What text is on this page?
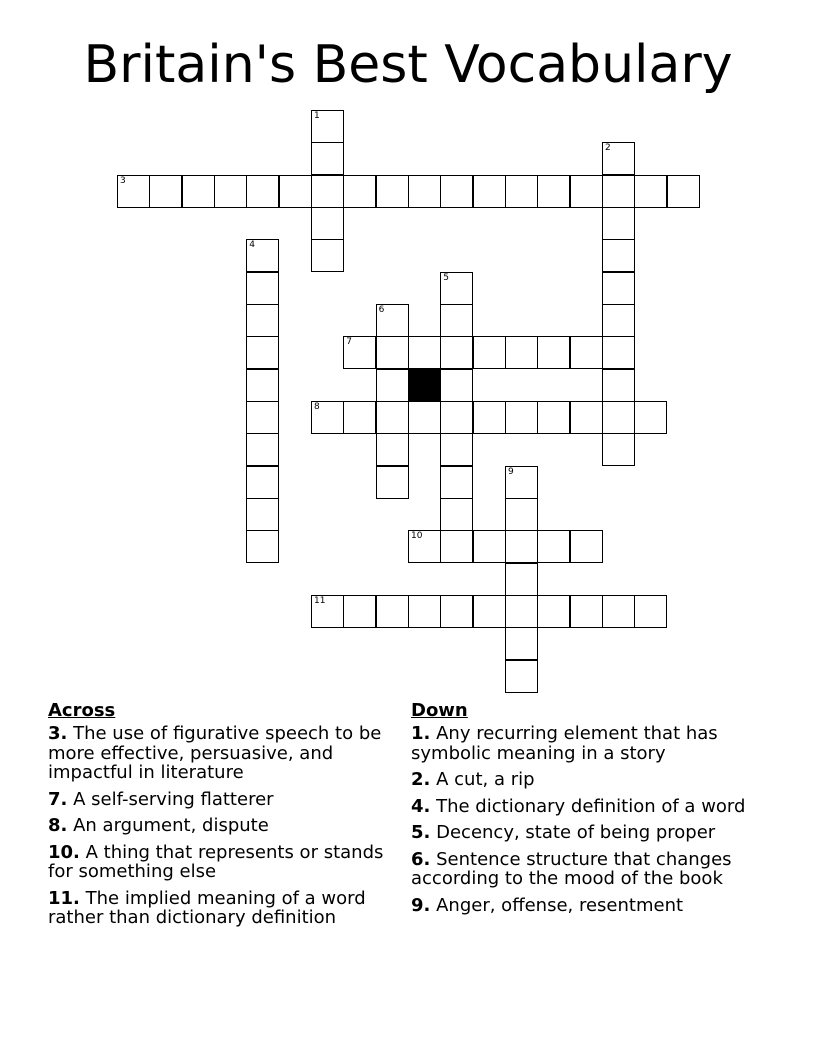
Britain's Best Vocabulary
1
2
3
4
5
6
7
8
9
10
11
Across
3. The use of figurative speech to be more effective, persuasive, and impactful in literature
7. A self-serving flatterer
8. An argument, dispute
10. A thing that represents or stands for something else
11. The implied meaning of a word rather than dictionary definition
Down
1. Any recurring element that has symbolic meaning in a story
2. A cut, a rip
4. The dictionary definition of a word
5. Decency, state of being proper
6. Sentence structure that changes according to the mood of the book
9. Anger, offense, resentment
